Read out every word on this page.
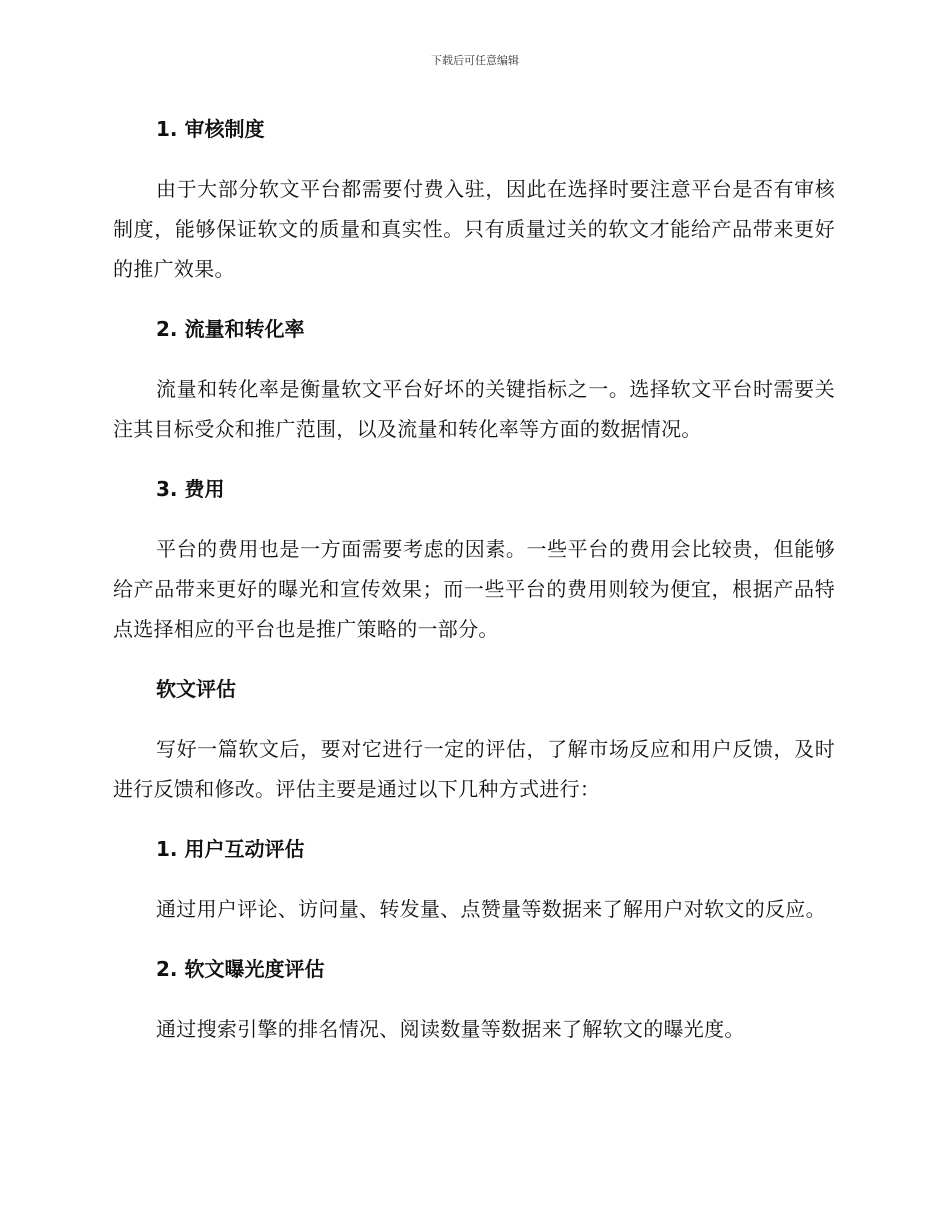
下载后可任意编辑
1. 审核制度

由于大部分软文平台都需要付费入驻，因此在选择时要注意平台是否有审核制度，能够保证软文的质量和真实性。只有质量过关的软文才能给产品带来更好的推广效果。

2. 流量和转化率

流量和转化率是衡量软文平台好坏的关键指标之一。选择软文平台时需要关注其目标受众和推广范围，以及流量和转化率等方面的数据情况。

3. 费用

平台的费用也是一方面需要考虑的因素。一些平台的费用会比较贵，但能够给产品带来更好的曝光和宣传效果；而一些平台的费用则较为便宜，根据产品特点选择相应的平台也是推广策略的一部分。

软文评估

写好一篇软文后，要对它进行一定的评估，了解市场反应和用户反馈，及时进行反馈和修改。评估主要是通过以下几种方式进行：

1. 用户互动评估

通过用户评论、访问量、转发量、点赞量等数据来了解用户对软文的反应。

2. 软文曝光度评估

通过搜索引擎的排名情况、阅读数量等数据来了解软文的曝光度。
